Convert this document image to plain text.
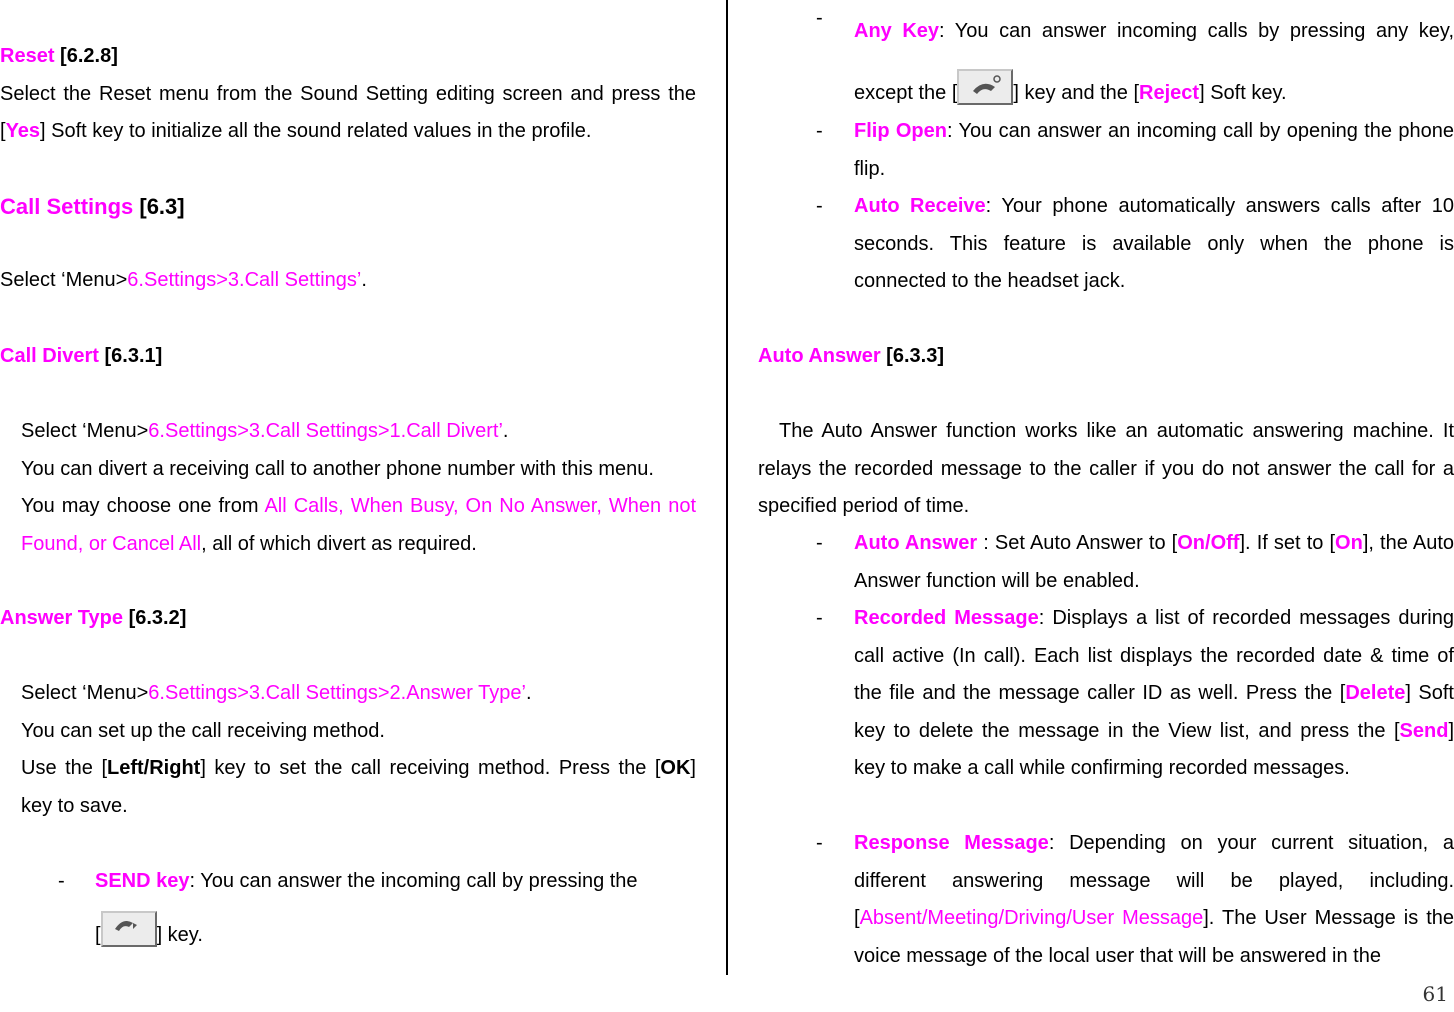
Reset [6.2.8]
Select the Reset menu from the Sound Setting editing screen and press the [Yes] Soft key to initialize all the sound related values in the profile.
Call Settings [6.3]
Select ‘Menu>6.Settings>3.Call Settings’.
Call Divert [6.3.1]
Select ‘Menu>6.Settings>3.Call Settings>1.Call Divert’.
You can divert a receiving call to another phone number with this menu.
You may choose one from All Calls, When Busy, On No Answer, When not Found, or Cancel All, all of which divert as required.
Answer Type [6.3.2]
Select ‘Menu>6.Settings>3.Call Settings>2.Answer Type’.
You can set up the call receiving method.
Use the [Left/Right] key to set the call receiving method. Press the [OK] key to save.
- SEND key: You can answer the incoming call by pressing the
[	] key.
-
Any Key: You can answer incoming calls by pressing any key, except the [	] key and the [Reject] Soft key.
- Flip Open: You can answer an incoming call by opening the phone flip.
- Auto Receive: Your phone automatically answers calls after 10 seconds. This feature is available only when the phone is connected to the headset jack.
Auto Answer [6.3.3]
The Auto Answer function works like an automatic answering machine. It relays the recorded message to the caller if you do not answer the call for a specified period of time.
- Auto Answer : Set Auto Answer to [On/Off]. If set to [On], the Auto Answer function will be enabled.
- Recorded Message: Displays a list of recorded messages during call active (In call). Each list displays the recorded date & time of the file and the message caller ID as well. Press the [Delete] Soft key to delete the message in the View list, and press the [Send] key to make a call while confirming recorded messages.
- Response Message: Depending on your current situation, a different answering message will be played, including. [Absent/Meeting/Driving/User Message]. The User Message is the voice message of the local user that will be answered in the
61
